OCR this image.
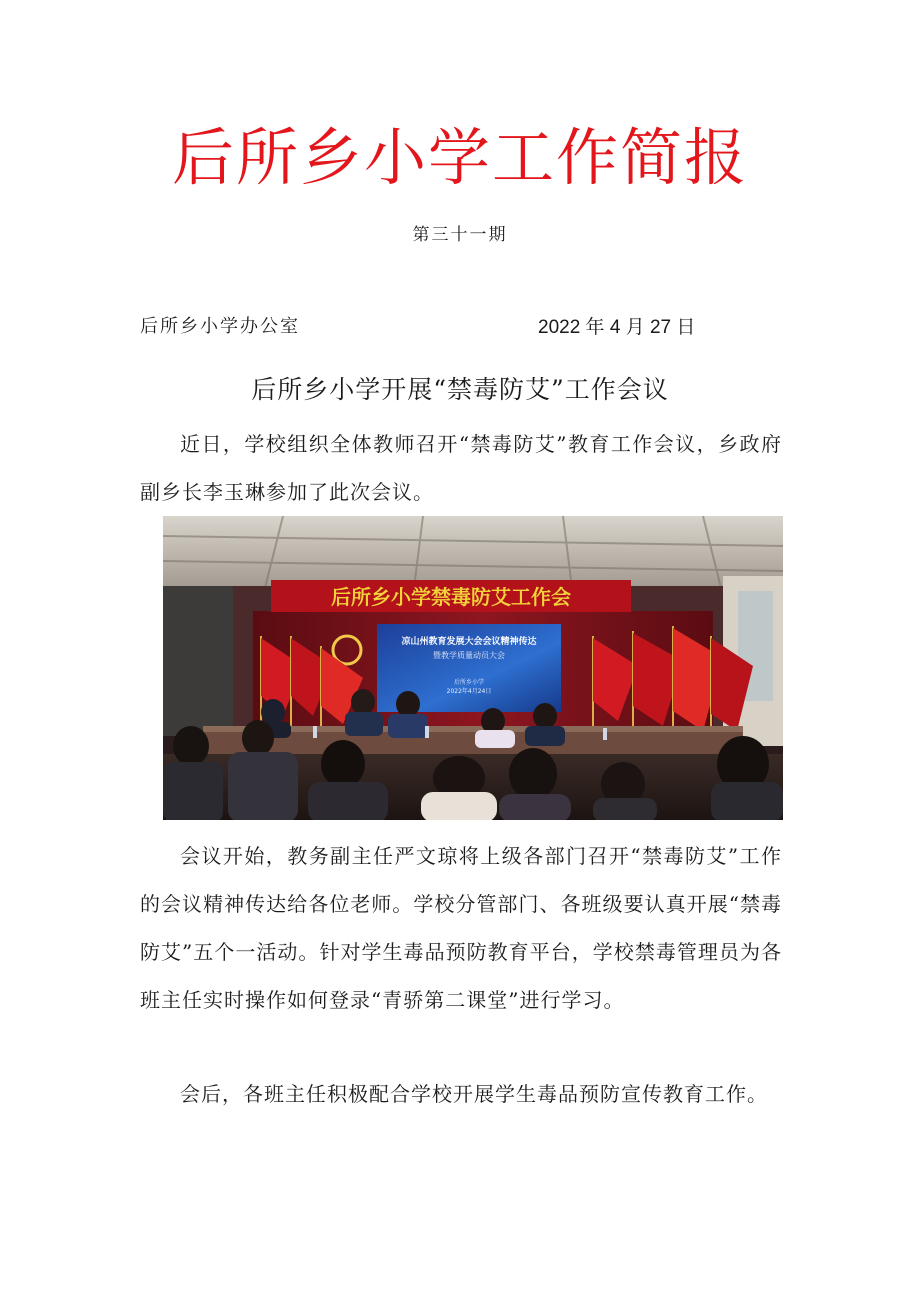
后所乡小学工作简报
第三十一期
后所乡小学办公室	2022 年 4 月 27 日
后所乡小学开展“禁毒防艾”工作会议

近日，学校组织全体教师召开“禁毒防艾”教育工作会议，乡政府副乡长李玉琳参加了此次会议。

后所乡小学禁毒防艾工作会
凉山州教育发展大会会议精神传达
暨教学质量动员大会
后所乡小学
2022年4月24日

会议开始，教务副主任严文琼将上级各部门召开“禁毒防艾”工作的会议精神传达给各位老师。学校分管部门、各班级要认真开展“禁毒防艾”五个一活动。针对学生毒品预防教育平台，学校禁毒管理员为各班主任实时操作如何登录“青骄第二课堂”进行学习。

会后，各班主任积极配合学校开展学生毒品预防宣传教育工作。
